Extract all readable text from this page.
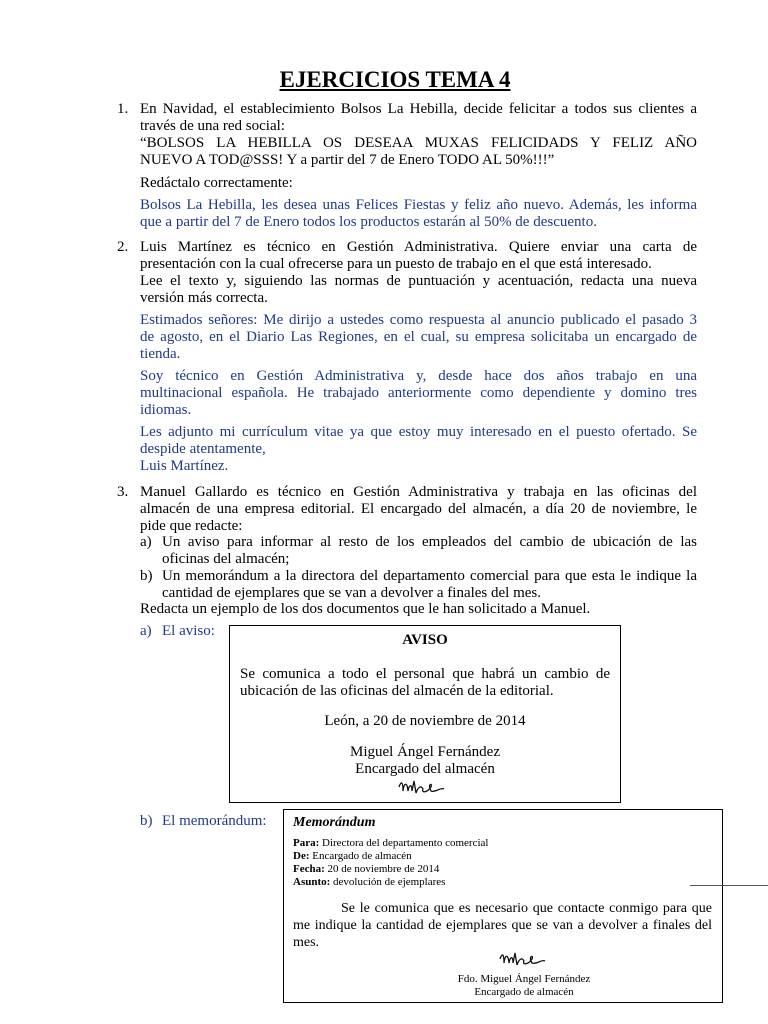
EJERCICIOS TEMA 4
1. En Navidad, el establecimiento Bolsos La Hebilla, decide felicitar a todos sus clientes a
través de una red social:
“BOLSOS LA HEBILLA OS DESEAA MUXAS FELICIDADS Y FELIZ AÑO
NUEVO A TOD@SSS! Y a partir del 7 de Enero TODO AL 50%!!!”
Redáctalo correctamente:
Bolsos La Hebilla, les desea unas Felices Fiestas y feliz año nuevo. Además, les informa
que a partir del 7 de Enero todos los productos estarán al 50% de descuento.
2. Luis Martínez es técnico en Gestión Administrativa. Quiere enviar una carta de
presentación con la cual ofrecerse para un puesto de trabajo en el que está interesado.
Lee el texto y, siguiendo las normas de puntuación y acentuación, redacta una nueva
versión más correcta.
Estimados señores: Me dirijo a ustedes como respuesta al anuncio publicado el pasado 3
de agosto, en el Diario Las Regiones, en el cual, su empresa solicitaba un encargado de
tienda.
Soy técnico en Gestión Administrativa y, desde hace dos años trabajo en una
multinacional española. He trabajado anteriormente como dependiente y domino tres
idiomas.
Les adjunto mi currículum vitae ya que estoy muy interesado en el puesto ofertado. Se
despide atentamente,
Luis Martínez.
3. Manuel Gallardo es técnico en Gestión Administrativa y trabaja en las oficinas del
almacén de una empresa editorial. El encargado del almacén, a día 20 de noviembre, le
pide que redacte:
a) Un aviso para informar al resto de los empleados del cambio de ubicación de las
oficinas del almacén;
b) Un memorándum a la directora del departamento comercial para que esta le indique la
cantidad de ejemplares que se van a devolver a finales del mes.
Redacta un ejemplo de los dos documentos que le han solicitado a Manuel.
a) El aviso:
AVISO
Se comunica a todo el personal que habrá un cambio de
ubicación de las oficinas del almacén de la editorial.
León, a 20 de noviembre de 2014
Miguel Ángel Fernández
Encargado del almacén
b) El memorándum: Memorándum
Para: Directora del departamento comercial
De: Encargado de almacén
Fecha: 20 de noviembre de 2014
Asunto: devolución de ejemplares
Se le comunica que es necesario que contacte conmigo para que
me indique la cantidad de ejemplares que se van a devolver a finales del
mes.
Fdo. Miguel Ángel Fernández
Encargado de almacén
